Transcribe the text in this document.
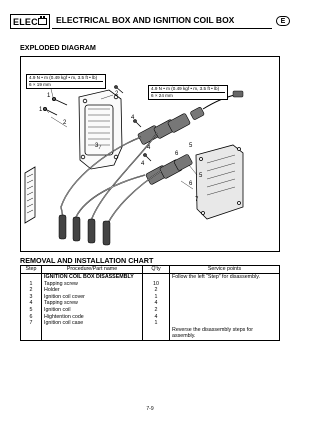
ELEC ELECTRICAL BOX AND IGNITION COIL BOX	E
EXPLODED DIAGRAM
4.9 N • m (0.49 kgf • m, 3.5 ft • lb)
6 × 19 mm
4.9 N • m (0.49 kgf • m, 3.5 ft • lb)
6 × 24 mm
1	2
1
2
3
4
4	5
6
4
5
6
7
REMOVAL AND INSTALLATION CHART
Step	Procedure/Part name	Q'ty	Service points
	IGNITION COIL BOX DISASSEMBLY		Follow the left “Step” for disassembly.
1	Tapping screw	10	
2	Holder	2	
3	Ignition coil cover	1	
4	Tapping screw	4	
5	Ignition coil	2	
6	Hightention code	4	
7	Ignition coil case	1	
			Reverse the disassembly steps for assembly.
7-9
